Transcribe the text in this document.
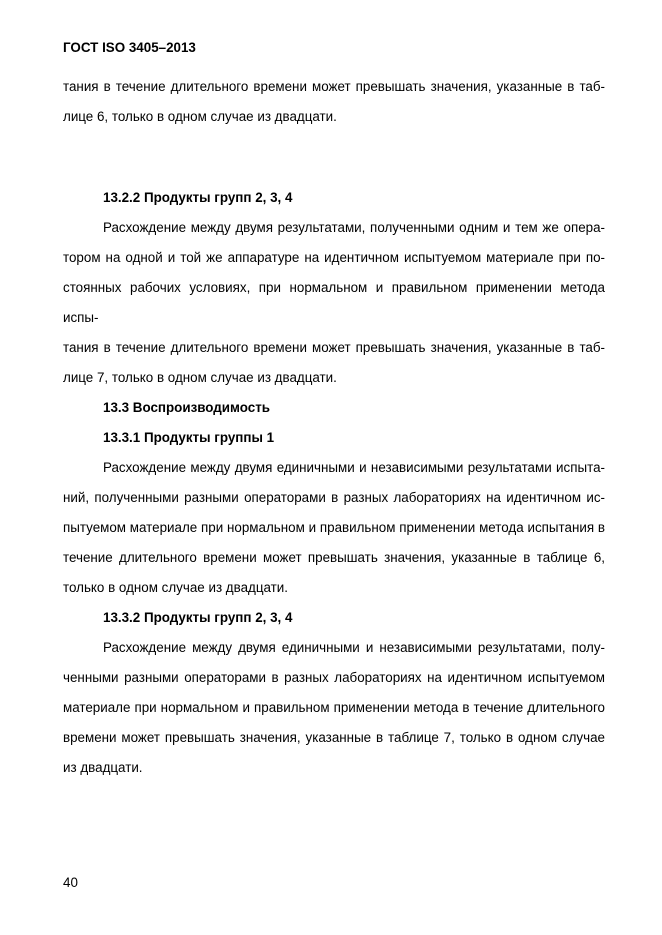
ГОСТ ISO 3405–2013
тания в течение длительного времени может превышать значения, указанные в таб-
лице 6, только в одном случае из двадцати.
13.2.2 Продукты групп 2, 3, 4
Расхождение между двумя результатами, полученными одним и тем же опера-
тором на одной и той же аппаратуре на идентичном испытуемом материале при по-
стоянных рабочих условиях, при нормальном и правильном применении метода испы-
тания в течение длительного времени может превышать значения, указанные в таб-
лице 7, только в одном случае из двадцати.
13.3 Воспроизводимость
13.3.1 Продукты группы 1
Расхождение между двумя единичными и независимыми результатами испыта-
ний, полученными разными операторами в разных лабораториях на идентичном ис-
пытуемом материале при нормальном и правильном применении метода испытания в
течение длительного времени может превышать значения, указанные в таблице 6,
только в одном случае из двадцати.
13.3.2 Продукты групп 2, 3, 4
Расхождение между двумя единичными и независимыми результатами, полу-
ченными разными операторами в разных лабораториях на идентичном испытуемом
материале при нормальном и правильном применении метода в течение длительного
времени может превышать значения, указанные в таблице 7, только в одном случае
из двадцати.
40
